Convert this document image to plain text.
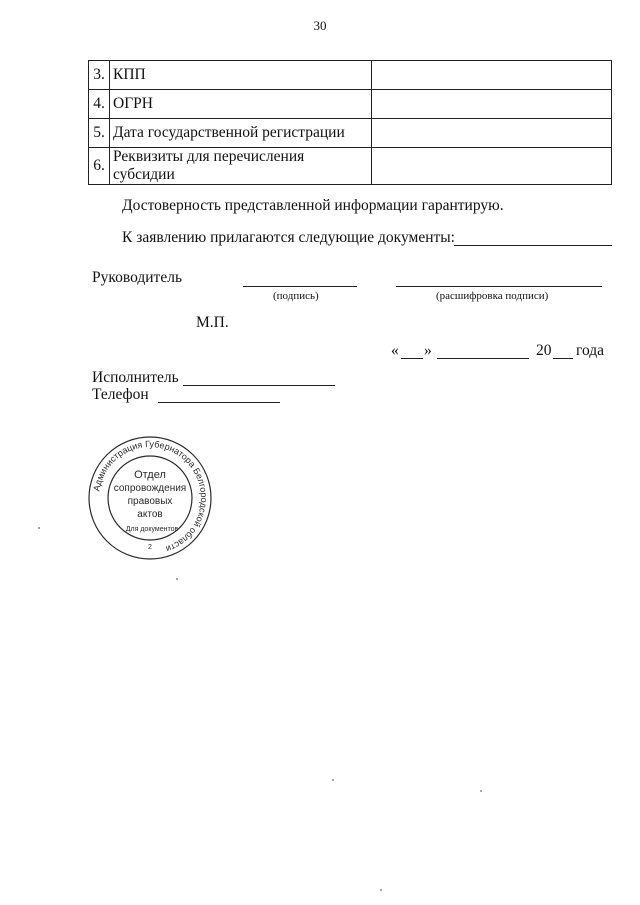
30
3.	КПП	
4.	ОГРН	
5.	Дата государственной регистрации	
6.	Реквизиты для перечисления субсидии	
Достоверность представленной информации гарантирую.
К заявлению прилагаются следующие документы:
Руководитель
(подпись)	(расшифровка подписи)
М.П.
« »	20 года
Исполнитель
Телефон
Администрация Губернатора Белгородской области
Отдел
сопровождения
правовых
актов
Для документов
2
